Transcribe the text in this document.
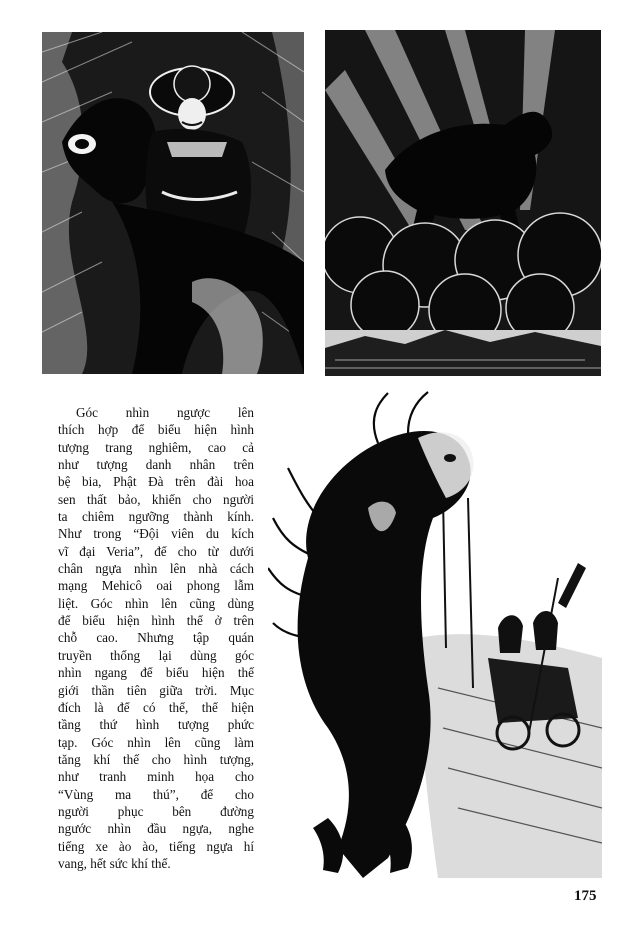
Góc nhìn ngược lên
thích hợp để biểu hiện hình
tượng trang nghiêm, cao cả
như tượng danh nhân trên
bệ bia, Phật Đà trên đài hoa
sen thất bảo, khiến cho người
ta chiêm ngưỡng thành kính.
Như trong “Đội viên du kích
vĩ đại Veria”, để cho từ dưới
chân ngựa nhìn lên nhà cách
mạng Mehicô oai phong lẫm
liệt. Góc nhìn lên cũng dùng
để biểu hiện hình thể ở trên
chỗ cao. Nhưng tập quán
truyền thống lại dùng góc
nhìn ngang để biểu hiện thế
giới thần tiên giữa trời. Mục
đích là để có thể, thể hiện
tầng thứ hình tượng phức
tạp. Góc nhìn lên cũng làm
tăng khí thế cho hình tượng,
như tranh minh họa cho
“Vùng ma thú”, để cho
người phục bên đường
ngước nhìn đầu ngựa, nghe
tiếng xe ào ào, tiếng ngựa hí
vang, hết sức khí thế.
175
